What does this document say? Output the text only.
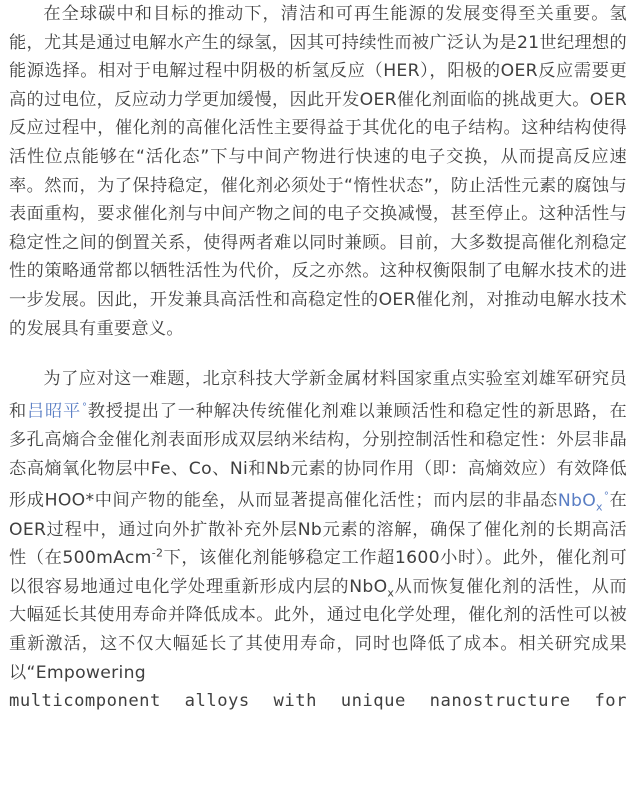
在全球碳中和目标的推动下，清洁和可再生能源的发展变得至关重要。氢能，尤其是通过电解水产生的绿氢，因其可持续性而被广泛认为是21世纪理想的能源选择。相对于电解过程中阴极的析氢反应（HER），阳极的OER反应需要更高的过电位，反应动力学更加缓慢，因此开发OER催化剂面临的挑战更大。OER反应过程中，催化剂的高催化活性主要得益于其优化的电子结构。这种结构使得活性位点能够在“活化态”下与中间产物进行快速的电子交换，从而提高反应速率。然而，为了保持稳定，催化剂必须处于“惰性状态”，防止活性元素的腐蚀与表面重构，要求催化剂与中间产物之间的电子交换减慢，甚至停止。这种活性与稳定性之间的倒置关系，使得两者难以同时兼顾。目前，大多数提高催化剂稳定性的策略通常都以牺牲活性为代价，反之亦然。这种权衡限制了电解水技术的进一步发展。因此，开发兼具高活性和高稳定性的OER催化剂，对推动电解水技术的发展具有重要意义。

为了应对这一难题，北京科技大学新金属材料国家重点实验室刘雄军研究员和吕昭平°教授提出了一种解决传统催化剂难以兼顾活性和稳定性的新思路，在多孔高熵合金催化剂表面形成双层纳米结构，分别控制活性和稳定性：外层非晶态高熵氧化物层中Fe、Co、Ni和Nb元素的协同作用（即：高熵效应）有效降低形成HOO*中间产物的能垒，从而显著提高催化活性；而内层的非晶态NbO$_x$°在OER过程中，通过向外扩散补充外层Nb元素的溶解，确保了催化剂的长期高活性（在500mAcm$^{-2}$下，该催化剂能够稳定工作超1600小时）。此外，催化剂可以很容易地通过电化学处理重新形成内层的NbO$_x$从而恢复催化剂的活性，从而大幅延长其使用寿命并降低成本。此外，通过电化学处理，催化剂的活性可以被重新激活，这不仅大幅延长了其使用寿命，同时也降低了成本。相关研究成果以“Empowering

multicomponent alloys with unique nanostructure for
